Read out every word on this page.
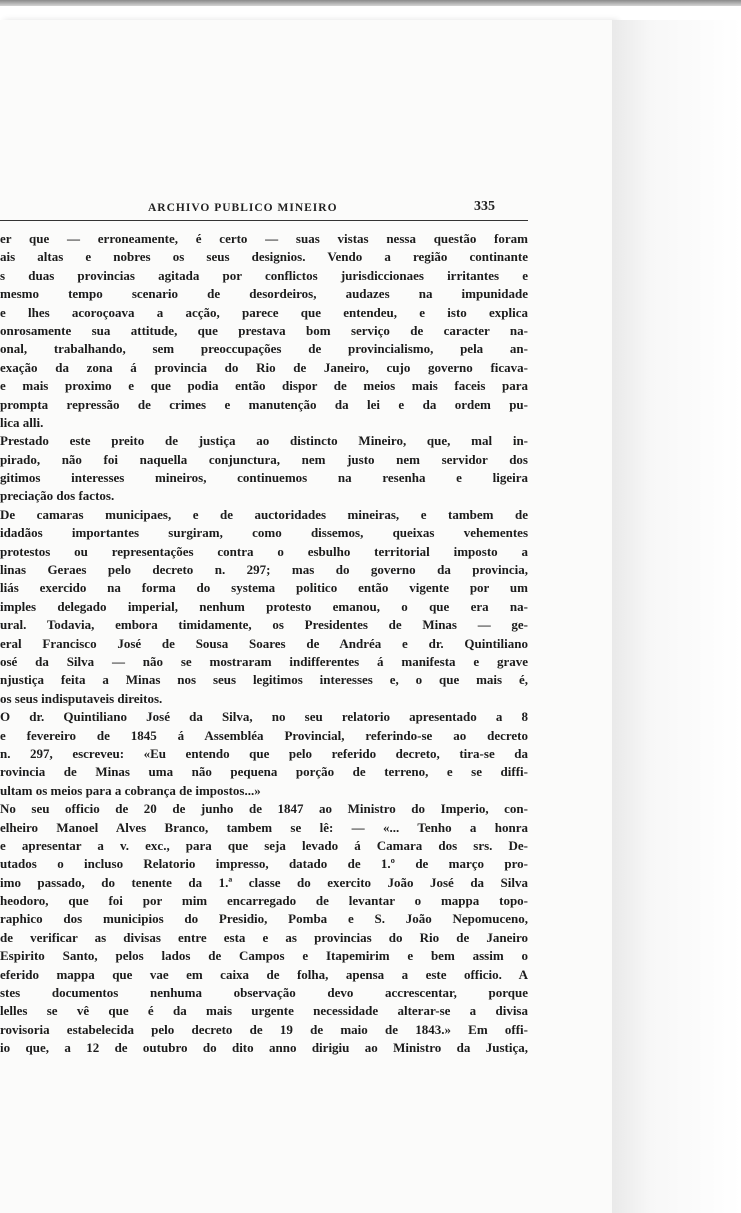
ARCHIVO PUBLICO MINEIRO	335
er que — erroneamente, é certo — suas vistas nessa questão foram
ais altas e nobres os seus designios. Vendo a região continante
s duas provincias agitada por conflictos jurisdiccionaes irritantes e
mesmo tempo scenario de desordeiros, audazes na impunidade
e lhes acoroçoava a acção, parece que entendeu, e isto explica
onrosamente sua attitude, que prestava bom serviço de caracter na-
onal, trabalhando, sem preoccupações de provincialismo, pela an-
exação da zona á provincia do Rio de Janeiro, cujo governo ficava-
e mais proximo e que podia então dispor de meios mais faceis para
prompta repressão de crimes e manutenção da lei e da ordem pu-
lica alli.
Prestado este preito de justiça ao distincto Mineiro, que, mal in-
pirado, não foi naquella conjunctura, nem justo nem servidor dos
gitimos interesses mineiros, continuemos na resenha e ligeira
preciação dos factos.
De camaras municipaes, e de auctoridades mineiras, e tambem de
idadãos importantes surgiram, como dissemos, queixas vehementes
protestos ou representações contra o esbulho territorial imposto a
linas Geraes pelo decreto n. 297; mas do governo da provincia,
liás exercido na forma do systema politico então vigente por um
imples delegado imperial, nenhum protesto emanou, o que era na-
ural. Todavia, embora timidamente, os Presidentes de Minas — ge-
eral Francisco José de Sousa Soares de Andréa e dr. Quintiliano
osé da Silva — não se mostraram indifferentes á manifesta e grave
njustiça feita a Minas nos seus legitimos interesses e, o que mais é,
os seus indisputaveis direitos.
O dr. Quintiliano José da Silva, no seu relatorio apresentado a 8
e fevereiro de 1845 á Assembléa Provincial, referindo-se ao decreto
n. 297, escreveu: «Eu entendo que pelo referido decreto, tira-se da
rovincia de Minas uma não pequena porção de terreno, e se diffi-
ultam os meios para a cobrança de impostos...»
No seu officio de 20 de junho de 1847 ao Ministro do Imperio, con-
elheiro Manoel Alves Branco, tambem se lê: — «... Tenho a honra
e apresentar a v. exc., para que seja levado á Camara dos srs. De-
utados o incluso Relatorio impresso, datado de 1.º de março pro-
imo passado, do tenente da 1.ª classe do exercito João José da Silva
heodoro, que foi por mim encarregado de levantar o mappa topo-
raphico dos municipios do Presidio, Pomba e S. João Nepomuceno,
de verificar as divisas entre esta e as provincias do Rio de Janeiro
Espirito Santo, pelos lados de Campos e Itapemirim e bem assim o
eferido mappa que vae em caixa de folha, apensa a este officio. A
stes documentos nenhuma observação devo accrescentar, porque
lelles se vê que é da mais urgente necessidade alterar-se a divisa
rovisoria estabelecida pelo decreto de 19 de maio de 1843.» Em offi-
io que, a 12 de outubro do dito anno dirigiu ao Ministro da Justiça,
